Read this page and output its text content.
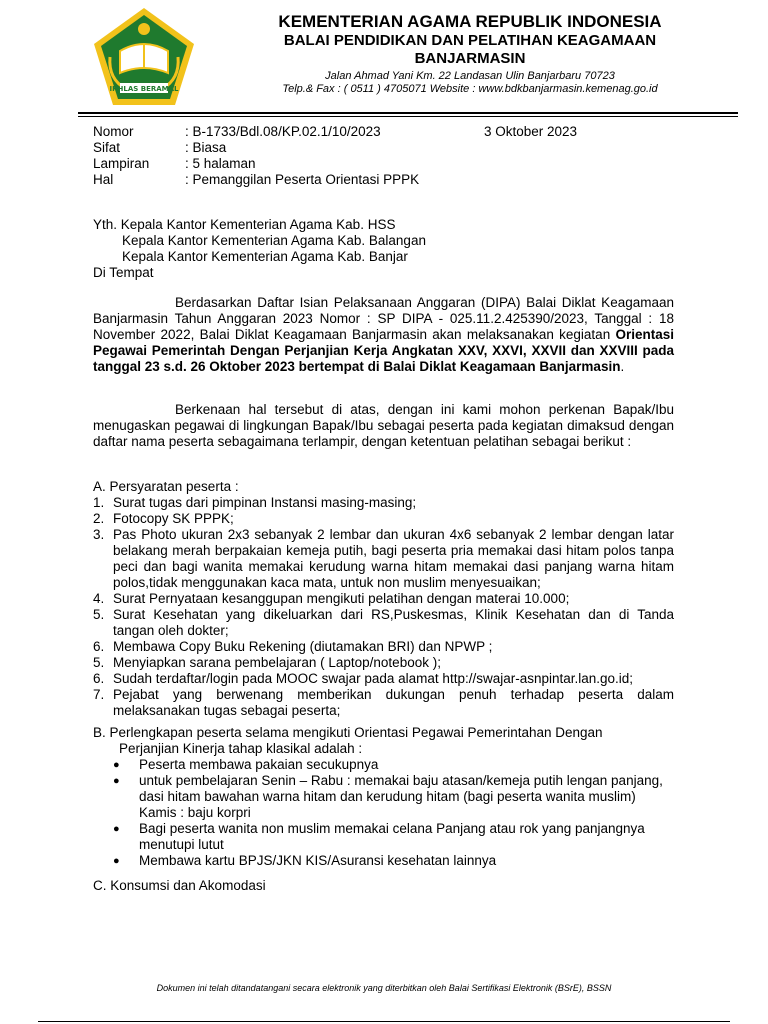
IKHLAS BERAMAL
KEMENTERIAN AGAMA REPUBLIK INDONESIA
BALAI PENDIDIKAN DAN PELATIHAN KEAGAMAAN
BANJARMASIN
Jalan Ahmad Yani Km. 22 Landasan Ulin Banjarbaru 70723
Telp.& Fax : ( 0511 ) 4705071 Website : www.bdkbanjarmasin.kemenag.go.id
Nomor	: B-1733/Bdl.08/KP.02.1/10/2023
Sifat	: Biasa
Lampiran	: 5 halaman
Hal	: Pemanggilan Peserta Orientasi PPPK
3 Oktober 2023
Yth. Kepala Kantor Kementerian Agama Kab. HSS
Kepala Kantor Kementerian Agama Kab. Balangan
Kepala Kantor Kementerian Agama Kab. Banjar
Di Tempat
Berdasarkan Daftar Isian Pelaksanaan Anggaran (DIPA) Balai Diklat Keagamaan Banjarmasin Tahun Anggaran 2023 Nomor : SP DIPA - 025.11.2.425390/2023, Tanggal : 18 November 2022, Balai Diklat Keagamaan Banjarmasin akan melaksanakan kegiatan Orientasi Pegawai Pemerintah Dengan Perjanjian Kerja Angkatan XXV, XXVI, XXVII dan XXVIII pada tanggal 23 s.d. 26 Oktober 2023 bertempat di Balai Diklat Keagamaan Banjarmasin.
Berkenaan hal tersebut di atas, dengan ini kami mohon perkenan Bapak/Ibu menugaskan pegawai di lingkungan Bapak/Ibu sebagai peserta pada kegiatan dimaksud dengan daftar nama peserta sebagaimana terlampir, dengan ketentuan pelatihan sebagai berikut :
A. Persyaratan peserta :
1. Surat tugas dari pimpinan Instansi masing-masing;
2. Fotocopy SK PPPK;
3. Pas Photo ukuran 2x3 sebanyak 2 lembar dan ukuran 4x6 sebanyak 2 lembar dengan latar belakang merah berpakaian kemeja putih, bagi peserta pria memakai dasi hitam polos tanpa peci dan bagi wanita memakai kerudung warna hitam memakai dasi panjang warna hitam polos,tidak menggunakan kaca mata, untuk non muslim menyesuaikan;
4. Surat Pernyataan kesanggupan mengikuti pelatihan dengan materai 10.000;
5. Surat Kesehatan yang dikeluarkan dari RS,Puskesmas, Klinik Kesehatan dan di Tanda tangan oleh dokter;
6. Membawa Copy Buku Rekening (diutamakan BRI) dan NPWP ;
5. Menyiapkan sarana pembelajaran ( Laptop/notebook );
6. Sudah terdaftar/login pada MOOC swajar pada alamat http://swajar-asnpintar.lan.go.id;
7. Pejabat yang berwenang memberikan dukungan penuh terhadap peserta dalam melaksanakan tugas sebagai peserta;
B. Perlengkapan peserta selama mengikuti Orientasi Pegawai Pemerintahan Dengan
Perjanjian Kinerja tahap klasikal adalah :
●	Peserta membawa pakaian secukupnya
●	untuk pembelajaran Senin – Rabu : memakai baju atasan/kemeja putih lengan panjang, dasi hitam bawahan warna hitam dan kerudung hitam (bagi peserta wanita muslim) Kamis : baju korpri
●	Bagi peserta wanita non muslim memakai celana Panjang atau rok yang panjangnya menutupi lutut
●	Membawa kartu BPJS/JKN KIS/Asuransi kesehatan lainnya
C. Konsumsi dan Akomodasi
Dokumen ini telah ditandatangani secara elektronik yang diterbitkan oleh Balai Sertifikasi Elektronik (BSrE), BSSN
